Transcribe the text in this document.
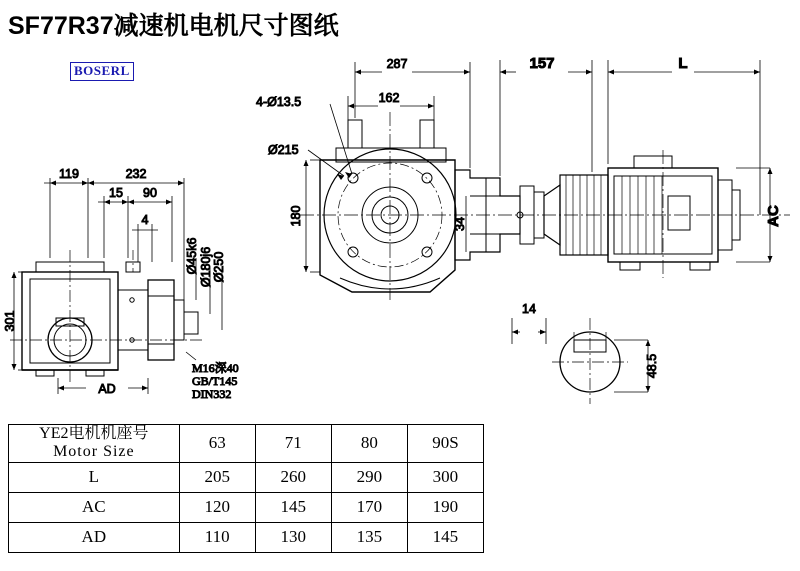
SF77R37减速机电机尺寸图纸
BOSERL
119	232
15 90
4
301
AD
Ø45k6 Ø180j6 Ø250
M16深40
GB/T145
DIN332
287
162
157	L
180	34	AC
4-Ø13.5
Ø215
14
48.5
YE2电机机座号
Motor Size	63	71	80	90S
L	205	260	290	300
AC	120	145	170	190
AD	110	130	135	145
